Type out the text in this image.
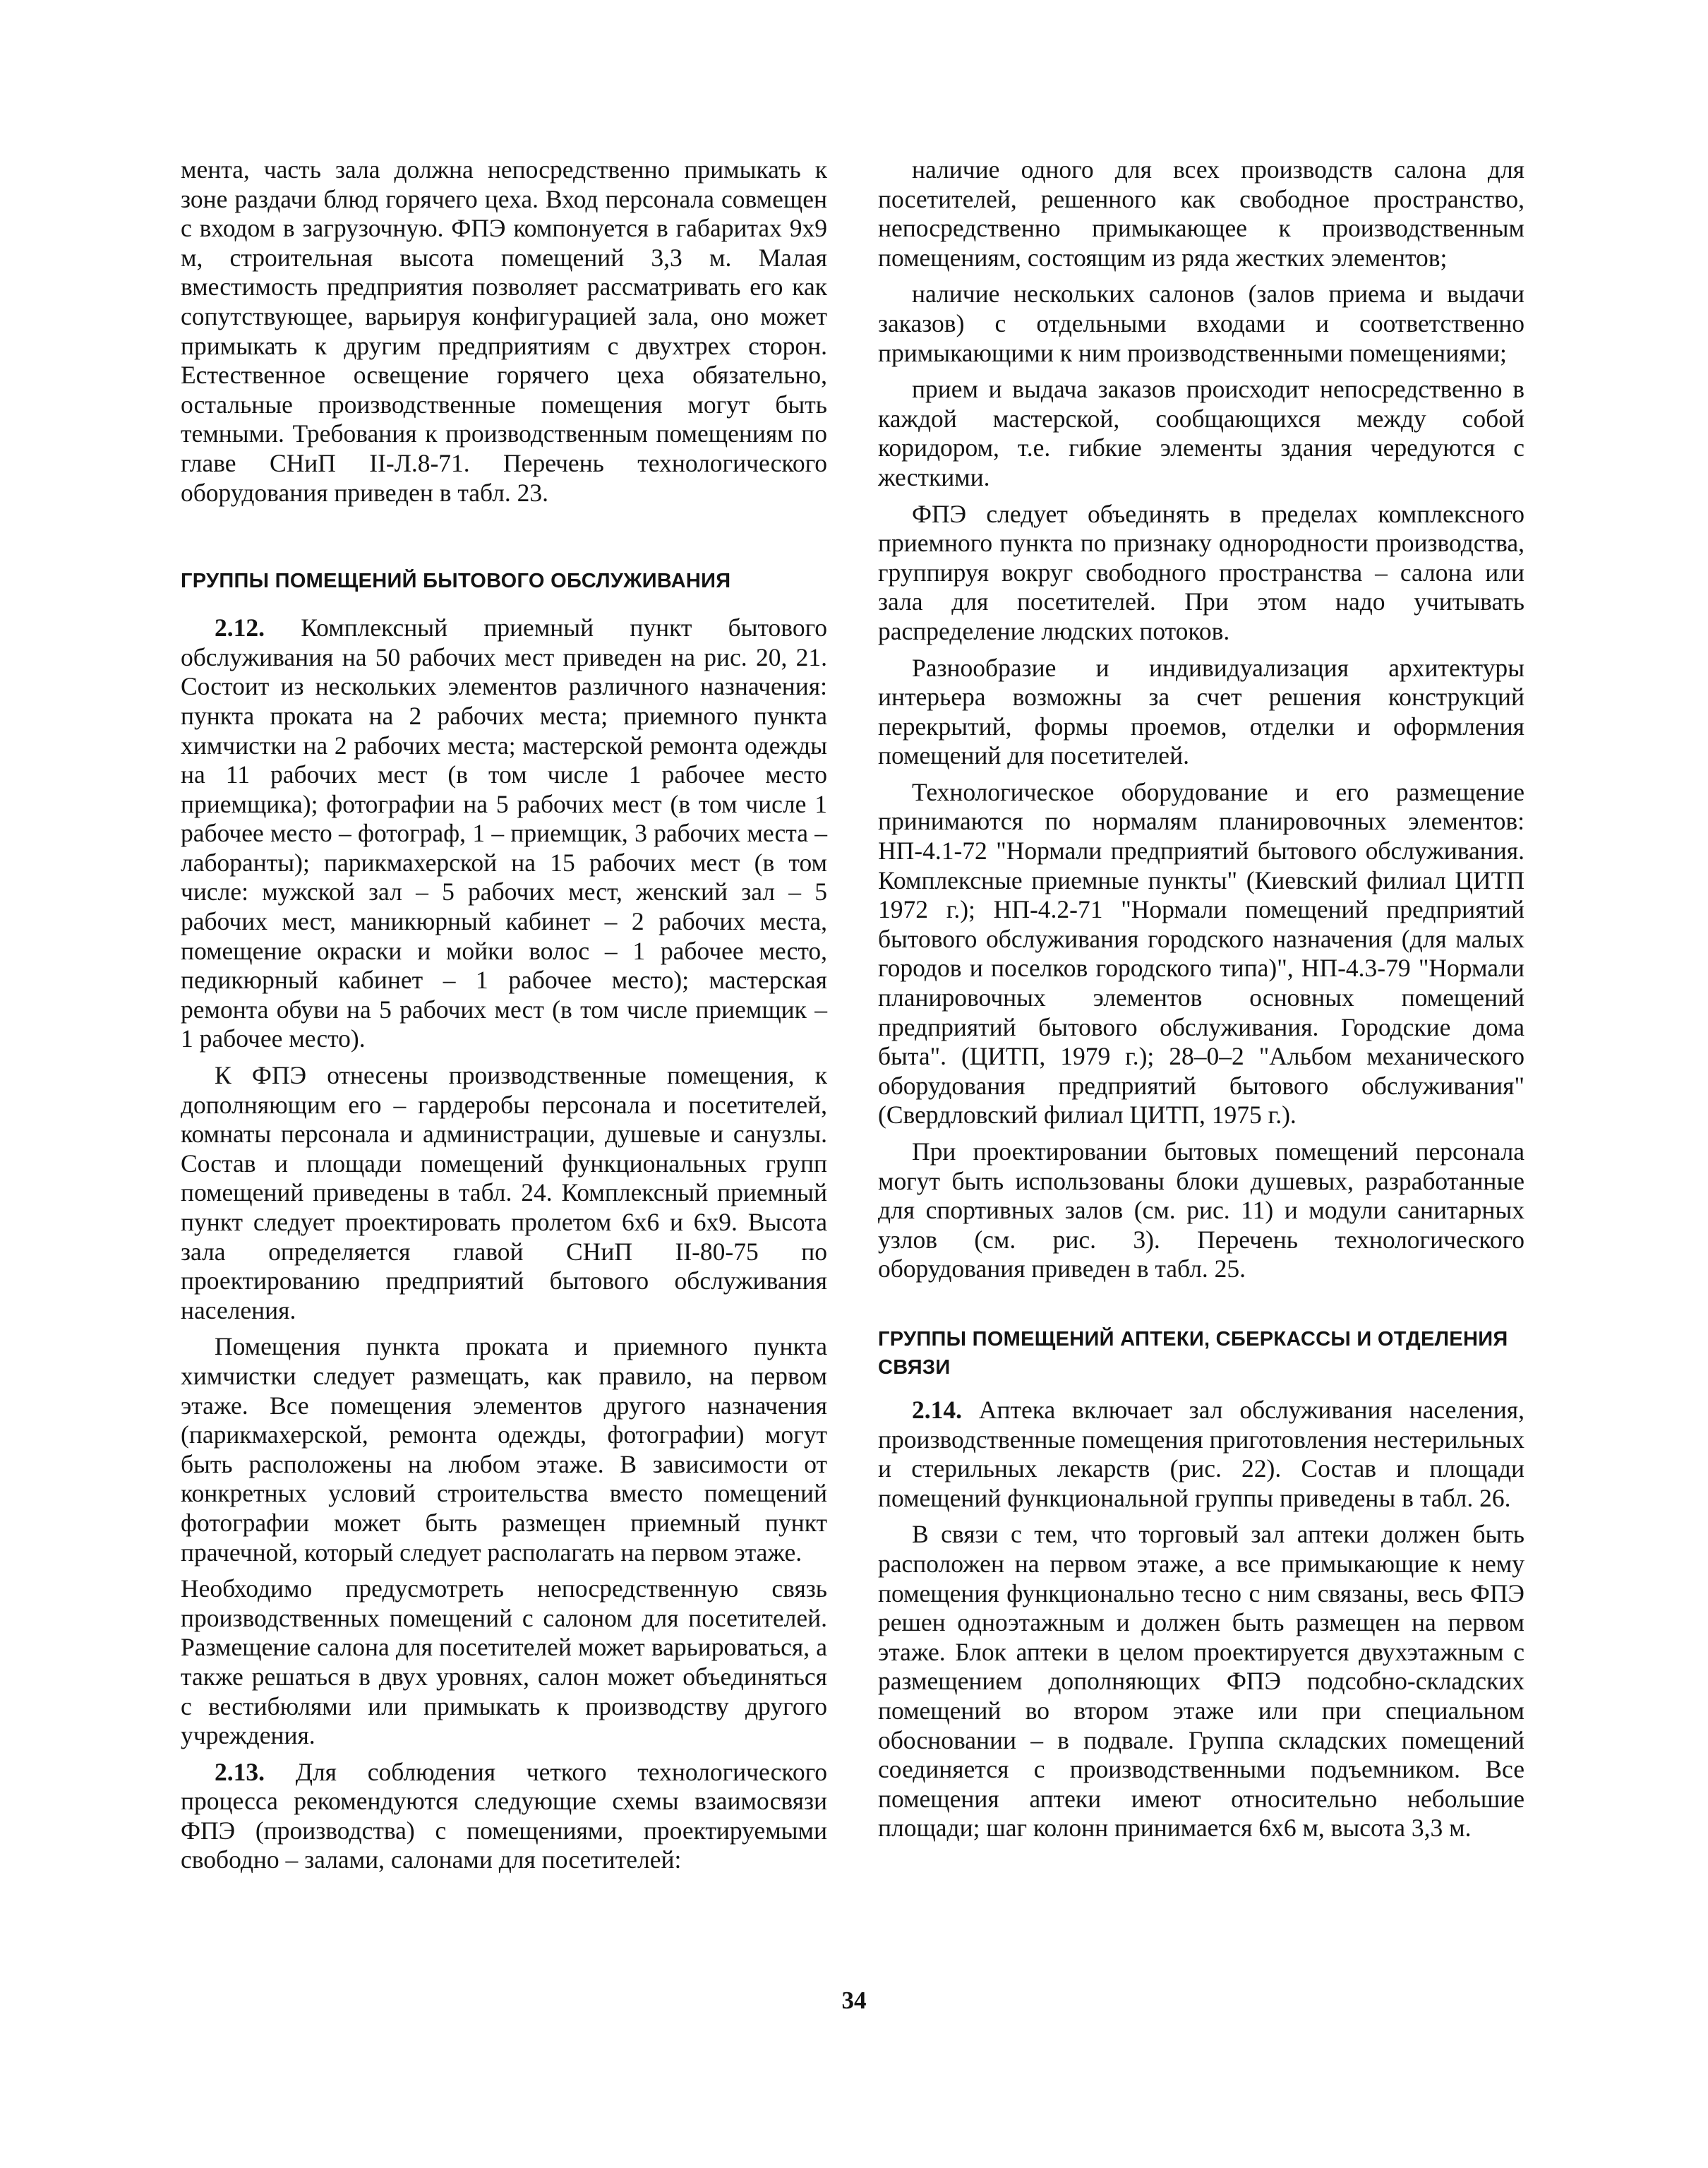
мента, часть зала должна непосредственно примыкать к зоне раздачи блюд горячего цеха. Вход персонала совмещен с входом в загрузочную. ФПЭ компонуется в габаритах 9x9 м, строительная высота помещений 3,3 м. Малая вместимость предприятия позволяет рассматривать его как сопутствующее, варьируя конфигурацией зала, оно может примыкать к другим предприятиям с двухтрех сторон. Естественное освещение горячего цеха обязательно, остальные производственные помещения могут быть темными. Требования к производственным помещениям по главе СНиП II-Л.8-71. Перечень технологического оборудования приведен в табл. 23.

ГРУППЫ ПОМЕЩЕНИЙ БЫТОВОГО ОБСЛУЖИВАНИЯ

2.12. Комплексный приемный пункт бытового обслуживания на 50 рабочих мест приведен на рис. 20, 21. Состоит из нескольких элементов различного назначения: пункта проката на 2 рабочих места; приемного пункта химчистки на 2 рабочих места; мастерской ремонта одежды на 11 рабочих мест (в том числе 1 рабочее место приемщика); фотографии на 5 рабочих мест (в том числе 1 рабочее место – фотограф, 1 – приемщик, 3 рабочих места – лаборанты); парикмахерской на 15 рабочих мест (в том числе: мужской зал – 5 рабочих мест, женский зал – 5 рабочих мест, маникюрный кабинет – 2 рабочих места, помещение окраски и мойки волос – 1 рабочее место, педикюрный кабинет – 1 рабочее место); мастерская ремонта обуви на 5 рабочих мест (в том числе приемщик – 1 рабочее место).

К ФПЭ отнесены производственные помещения, к дополняющим его – гардеробы персонала и посетителей, комнаты персонала и администрации, душевые и санузлы. Состав и площади помещений функциональных групп помещений приведены в табл. 24. Комплексный приемный пункт следует проектировать пролетом 6x6 и 6x9. Высота зала определяется главой СНиП II-80-75 по проектированию предприятий бытового обслуживания населения.

Помещения пункта проката и приемного пункта химчистки следует размещать, как правило, на первом этаже. Все помещения элементов другого назначения (парикмахерской, ремонта одежды, фотографии) могут быть расположены на любом этаже. В зависимости от конкретных условий строительства вместо помещений фотографии может быть размещен приемный пункт прачечной, который следует располагать на первом этаже.

Необходимо предусмотреть непосредственную связь производственных помещений с салоном для посетителей. Размещение салона для посетителей может варьироваться, а также решаться в двух уровнях, салон может объединяться с вестибюлями или примыкать к производству другого учреждения.

2.13. Для соблюдения четкого технологического процесса рекомендуются следующие схемы взаимосвязи ФПЭ (производства) с помещениями, проектируемыми свободно – залами, салонами для посетителей:

наличие одного для всех производств салона для посетителей, решенного как свободное пространство, непосредственно примыкающее к производственным помещениям, состоящим из ряда жестких элементов;

наличие нескольких салонов (залов приема и выдачи заказов) с отдельными входами и соответственно примыкающими к ним производственными помещениями;

прием и выдача заказов происходит непосредственно в каждой мастерской, сообщающихся между собой коридором, т.е. гибкие элементы здания чередуются с жесткими.

ФПЭ следует объединять в пределах комплексного приемного пункта по признаку однородности производства, группируя вокруг свободного пространства – салона или зала для посетителей. При этом надо учитывать распределение людских потоков.

Разнообразие и индивидуализация архитектуры интерьера возможны за счет решения конструкций перекрытий, формы проемов, отделки и оформления помещений для посетителей.

Технологическое оборудование и его размещение принимаются по нормалям планировочных элементов: НП-4.1-72 "Нормали предприятий бытового обслуживания. Комплексные приемные пункты" (Киевский филиал ЦИТП 1972 г.); НП-4.2-71 "Нормали помещений предприятий бытового обслуживания городского назначения (для малых городов и поселков городского типа)", НП-4.3-79 "Нормали планировочных элементов основных помещений предприятий бытового обслуживания. Городские дома быта". (ЦИТП, 1979 г.); 28–0–2 "Альбом механического оборудования предприятий бытового обслуживания" (Свердловский филиал ЦИТП, 1975 г.).

При проектировании бытовых помещений персонала могут быть использованы блоки душевых, разработанные для спортивных залов (см. рис. 11) и модули санитарных узлов (см. рис. 3). Перечень технологического оборудования приведен в табл. 25.

ГРУППЫ ПОМЕЩЕНИЙ АПТЕКИ, СБЕРКАССЫ И ОТДЕЛЕНИЯ СВЯЗИ

2.14. Аптека включает зал обслуживания населения, производственные помещения приготовления нестерильных и стерильных лекарств (рис. 22). Состав и площади помещений функциональной группы приведены в табл. 26.

В связи с тем, что торговый зал аптеки должен быть расположен на первом этаже, а все примыкающие к нему помещения функционально тесно с ним связаны, весь ФПЭ решен одноэтажным и должен быть размещен на первом этаже. Блок аптеки в целом проектируется двухэтажным с размещением дополняющих ФПЭ подсобно-складских помещений во втором этаже или при специальном обосновании – в подвале. Группа складских помещений соединяется с производственными подъемником. Все помещения аптеки имеют относительно небольшие площади; шаг колонн принимается 6x6 м, высота 3,3 м.

34
